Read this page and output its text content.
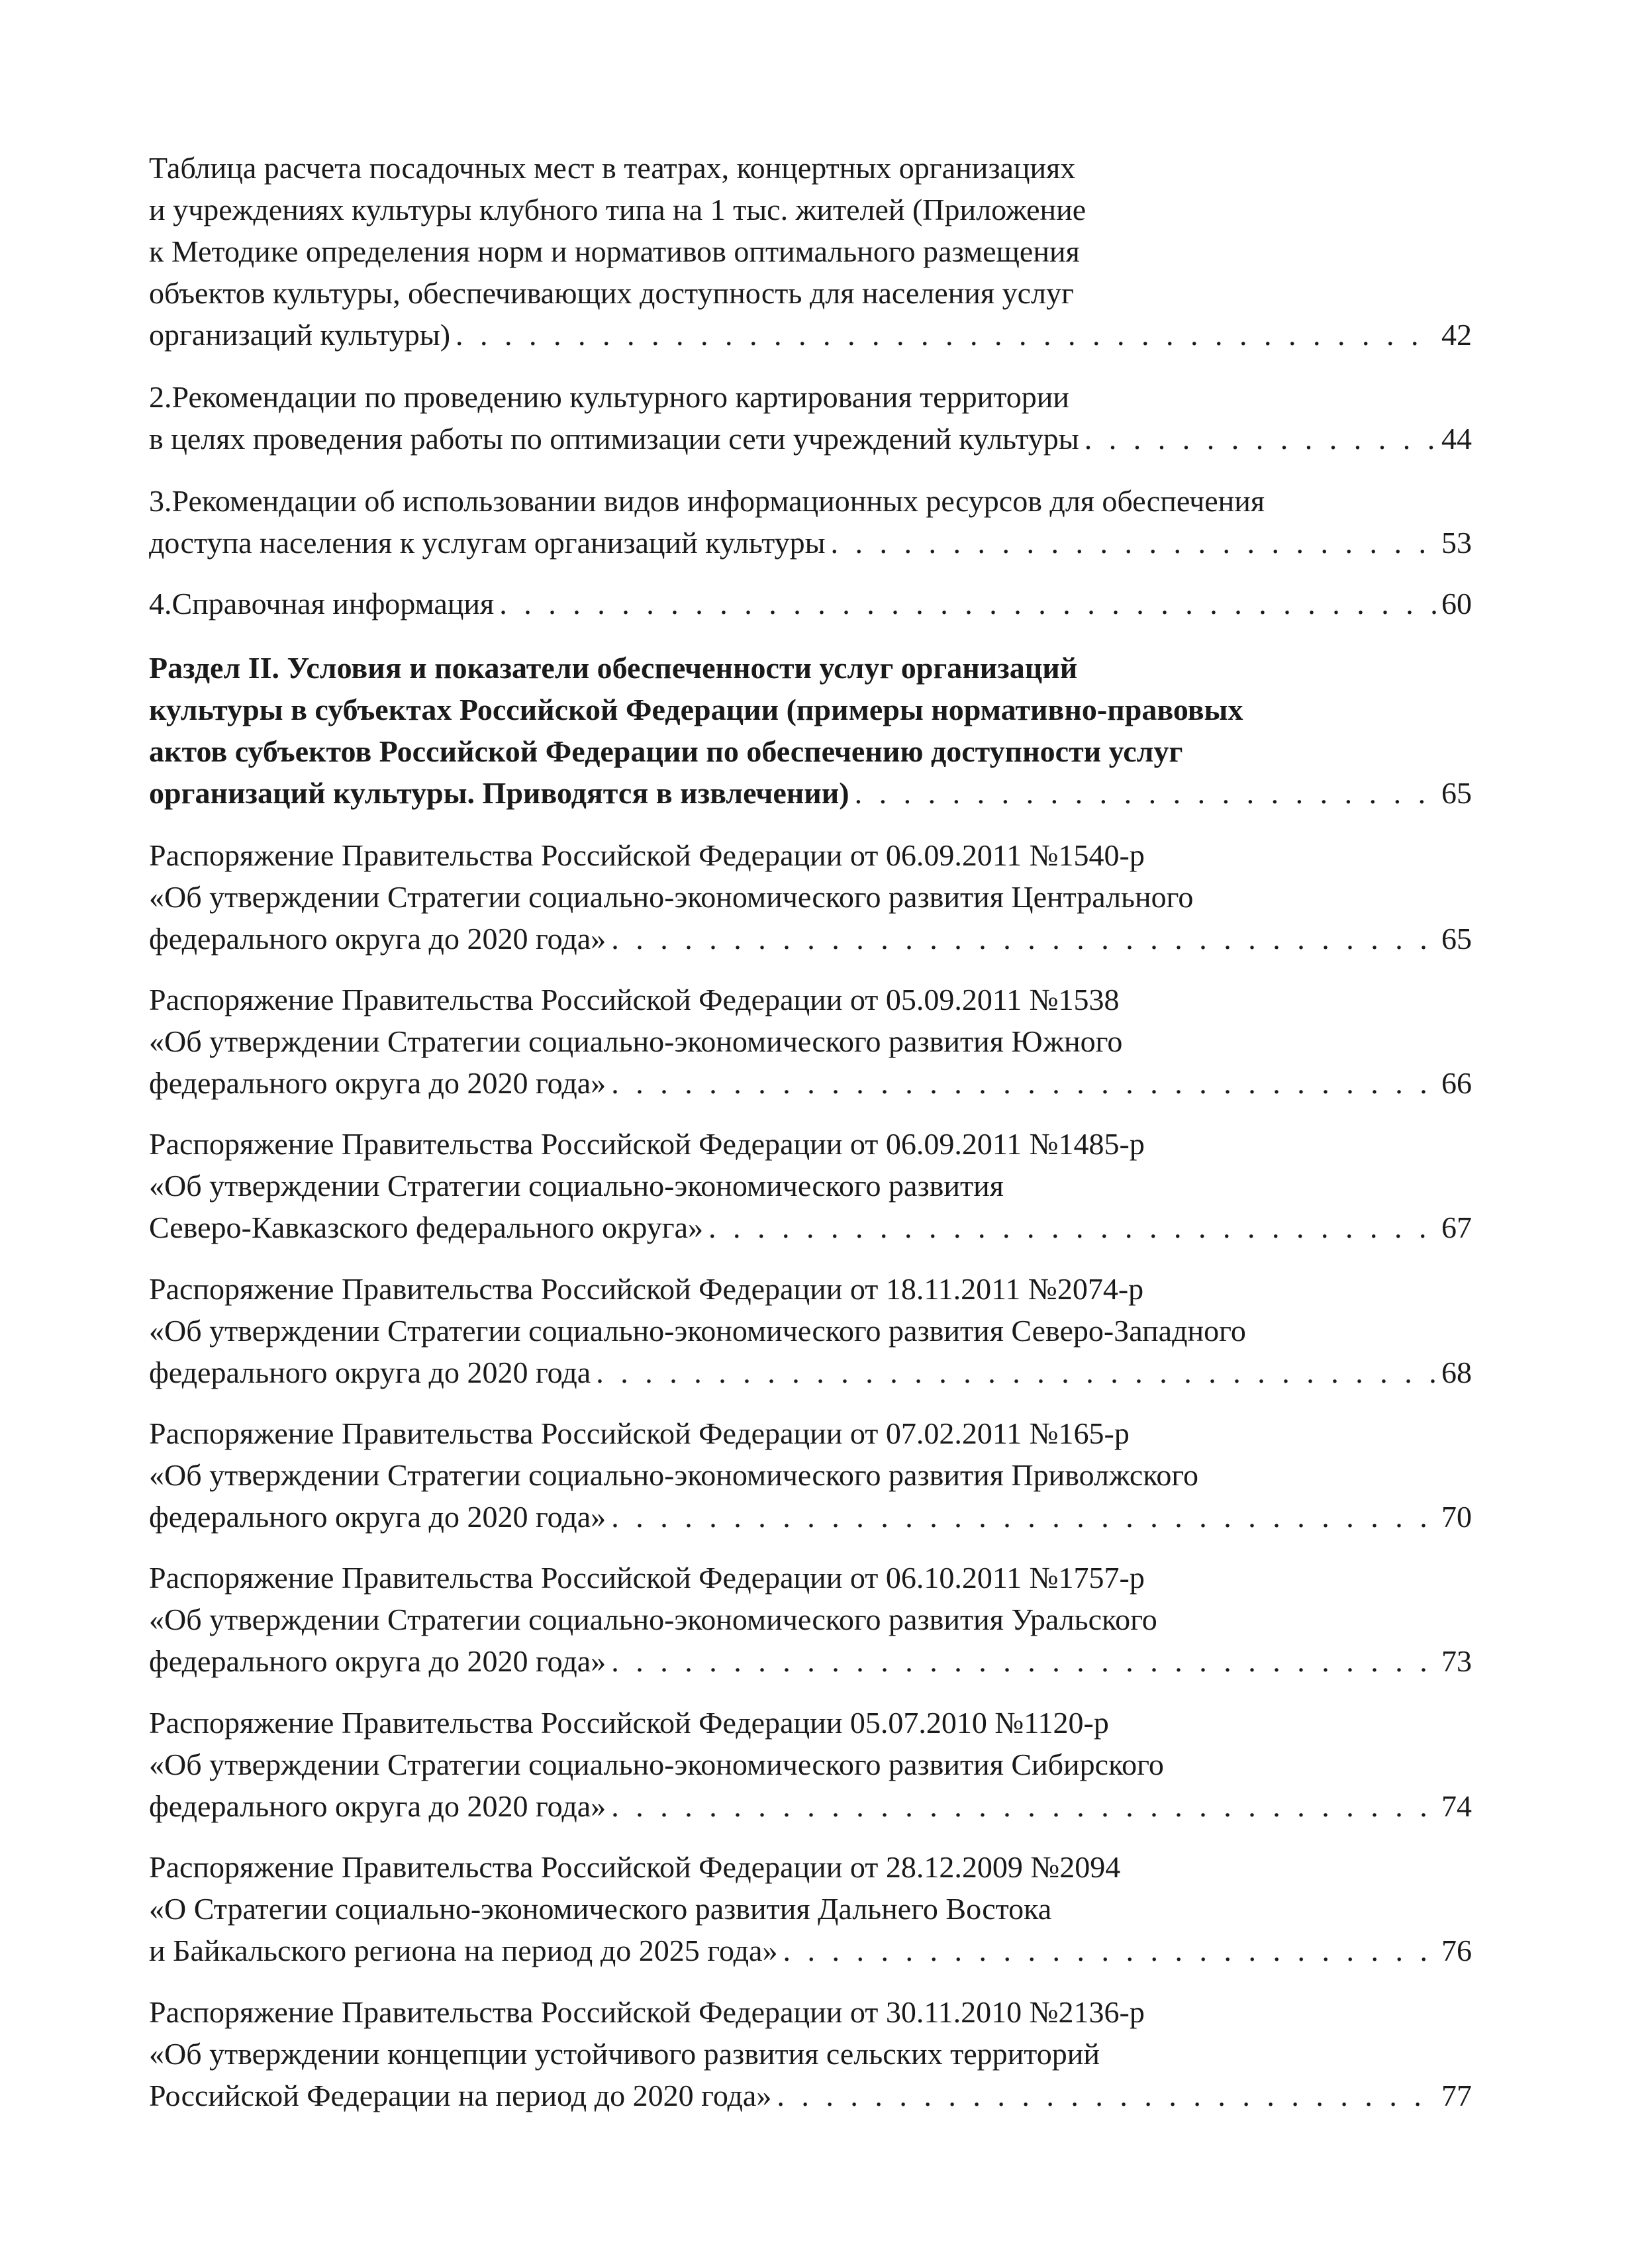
Таблица расчета посадочных мест в театрах, концертных организациях
и учреждениях культуры клубного типа на 1 тыс. жителей (Приложение
к Методике определения норм и нормативов оптимального размещения
объектов культуры, обеспечивающих доступность для населения услуг
организаций культуры) . . .	42
2.Рекомендации по проведению культурного картирования территории
в целях проведения работы по оптимизации сети учреждений культуры . . .	44
3.Рекомендации об использовании видов информационных ресурсов для обеспечения
доступа населения к услугам организаций культуры . . .	53
4.Справочная информация . . .	60
Раздел II. Условия и показатели обеспеченности услуг организаций
культуры в субъектах Российской Федерации (примеры нормативно-правовых
актов субъектов Российской Федерации по обеспечению доступности услуг
организаций культуры. Приводятся в извлечении) . . .	65
Распоряжение Правительства Российской Федерации от 06.09.2011 №1540-р
«Об утверждении Стратегии социально-экономического развития Центрального
федерального округа до 2020 года» . . .	65
Распоряжение Правительства Российской Федерации от 05.09.2011 №1538
«Об утверждении Стратегии социально-экономического развития Южного
федерального округа до 2020 года» . . .	66
Распоряжение Правительства Российской Федерации от 06.09.2011 №1485-р
«Об утверждении Стратегии социально-экономического развития
Северо-Кавказского федерального округа» . . .	67
Распоряжение Правительства Российской Федерации от 18.11.2011 №2074-р
«Об утверждении Стратегии социально-экономического развития Северо-Западного
федерального округа до 2020 года . . .	68
Распоряжение Правительства Российской Федерации от 07.02.2011 №165-р
«Об утверждении Стратегии социально-экономического развития Приволжского
федерального округа до 2020 года» . . .	70
Распоряжение Правительства Российской Федерации от 06.10.2011 №1757-р
«Об утверждении Стратегии социально-экономического развития Уральского
федерального округа до 2020 года» . . .	73
Распоряжение Правительства Российской Федерации 05.07.2010 №1120-р
«Об утверждении Стратегии социально-экономического развития Сибирского
федерального округа до 2020 года» . . .	74
Распоряжение Правительства Российской Федерации от 28.12.2009 №2094
«О Стратегии социально-экономического развития Дальнего Востока
и Байкальского региона на период до 2025 года» . . .	76
Распоряжение Правительства Российской Федерации от 30.11.2010 №2136-р
«Об утверждении концепции устойчивого развития сельских территорий
Российской Федерации на период до 2020 года» . . .	77
